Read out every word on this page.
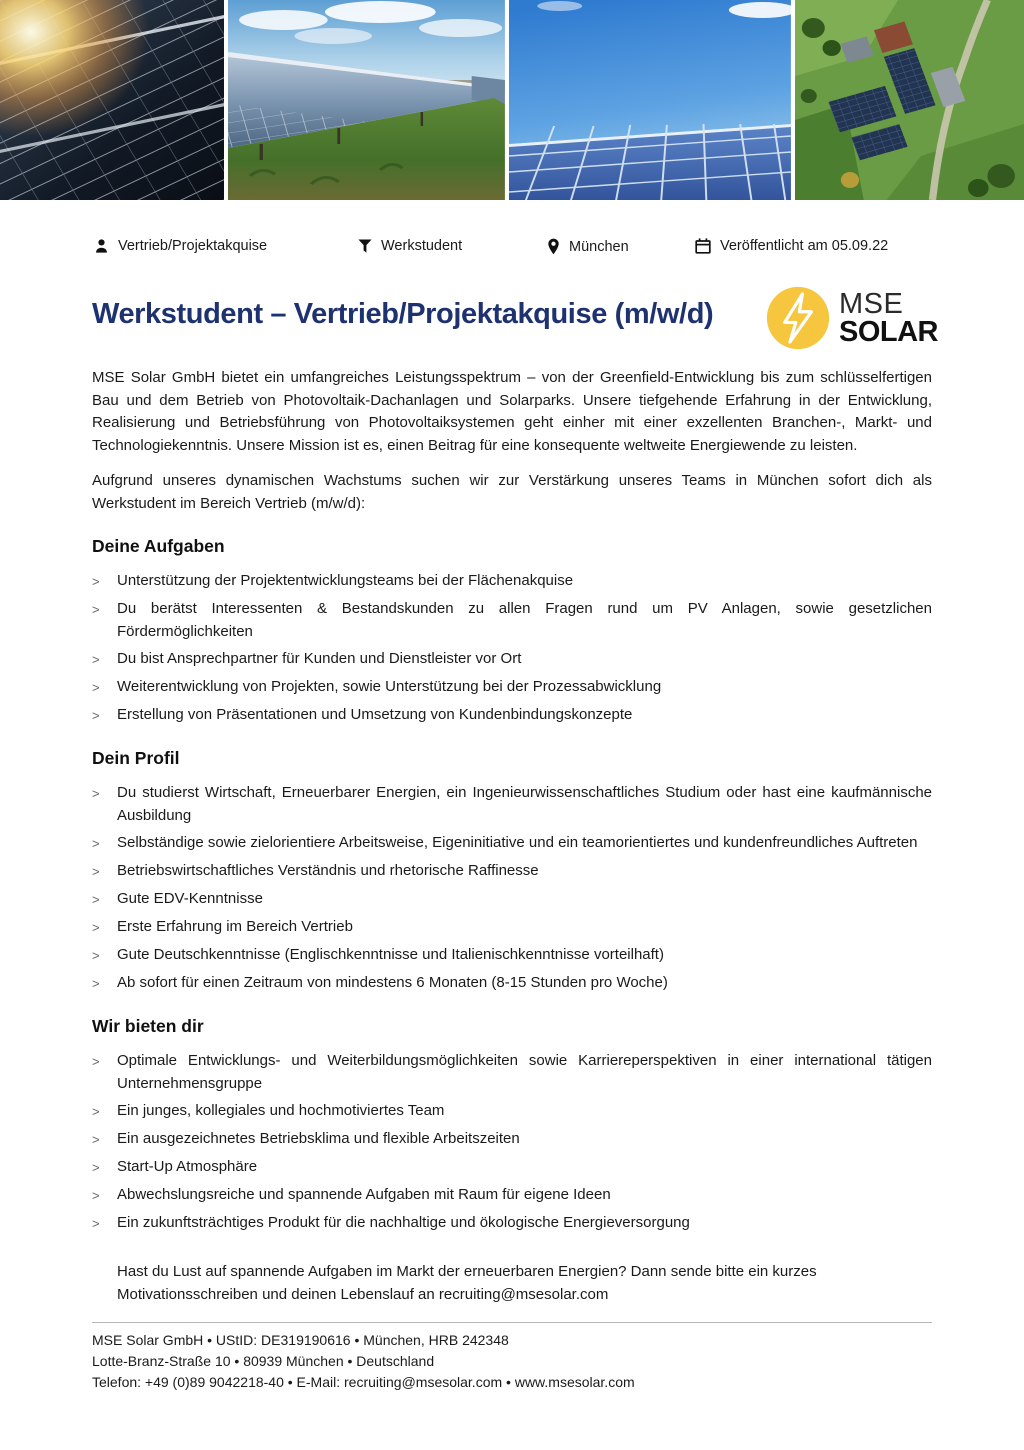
Vertrieb/Projektakquise	Werkstudent	München	Veröffentlicht am 05.09.22
Werkstudent – Vertrieb/Projektakquise (m/w/d)	MSE
SOLAR

MSE Solar GmbH bietet ein umfangreiches Leistungsspektrum – von der Greenfield-Entwicklung bis zum schlüsselfertigen Bau und dem Betrieb von Photovoltaik-Dachanlagen und Solarparks. Unsere tiefgehende Erfahrung in der Entwicklung, Realisierung und Betriebsführung von Photovoltaiksystemen geht einher mit einer exzellenten Branchen-, Markt- und Technologiekenntnis. Unsere Mission ist es, einen Beitrag für eine konsequente weltweite Energiewende zu leisten.

Aufgrund unseres dynamischen Wachstums suchen wir zur Verstärkung unseres Teams in München sofort dich als Werkstudent im Bereich Vertrieb (m/w/d):

Deine Aufgaben
>	Unterstützung der Projektentwicklungsteams bei der Flächenakquise
>	Du berätst Interessenten & Bestandskunden zu allen Fragen rund um PV Anlagen, sowie gesetzlichen Fördermöglichkeiten
>	Du bist Ansprechpartner für Kunden und Dienstleister vor Ort
>	Weiterentwicklung von Projekten, sowie Unterstützung bei der Prozessabwicklung
>	Erstellung von Präsentationen und Umsetzung von Kundenbindungskonzepte
Dein Profil
>	Du studierst Wirtschaft, Erneuerbarer Energien, ein Ingenieurwissenschaftliches Studium oder hast eine kaufmännische Ausbildung
>	Selbständige sowie zielorientiere Arbeitsweise, Eigeninitiative und ein teamorientiertes und kundenfreundliches Auftreten
>	Betriebswirtschaftliches Verständnis und rhetorische Raffinesse
>	Gute EDV-Kenntnisse
>	Erste Erfahrung im Bereich Vertrieb
>	Gute Deutschkenntnisse (Englischkenntnisse und Italienischkenntnisse vorteilhaft)
>	Ab sofort für einen Zeitraum von mindestens 6 Monaten (8-15 Stunden pro Woche)
Wir bieten dir
>	Optimale Entwicklungs- und Weiterbildungsmöglichkeiten sowie Karriereperspektiven in einer international tätigen Unternehmensgruppe
>	Ein junges, kollegiales und hochmotiviertes Team
>	Ein ausgezeichnetes Betriebsklima und flexible Arbeitszeiten
>	Start-Up Atmosphäre
>	Abwechslungsreiche und spannende Aufgaben mit Raum für eigene Ideen
>	Ein zukunftsträchtiges Produkt für die nachhaltige und ökologische Energieversorgung

Hast du Lust auf spannende Aufgaben im Markt der erneuerbaren Energien? Dann sende bitte ein kurzes Motivationsschreiben und deinen Lebenslauf an recruiting@msesolar.com

MSE Solar GmbH • UStID: DE319190616 • München, HRB 242348
Lotte-Branz-Straße 10 • 80939 München • Deutschland
Telefon: +49 (0)89 9042218-40 • E-Mail: recruiting@msesolar.com • www.msesolar.com
